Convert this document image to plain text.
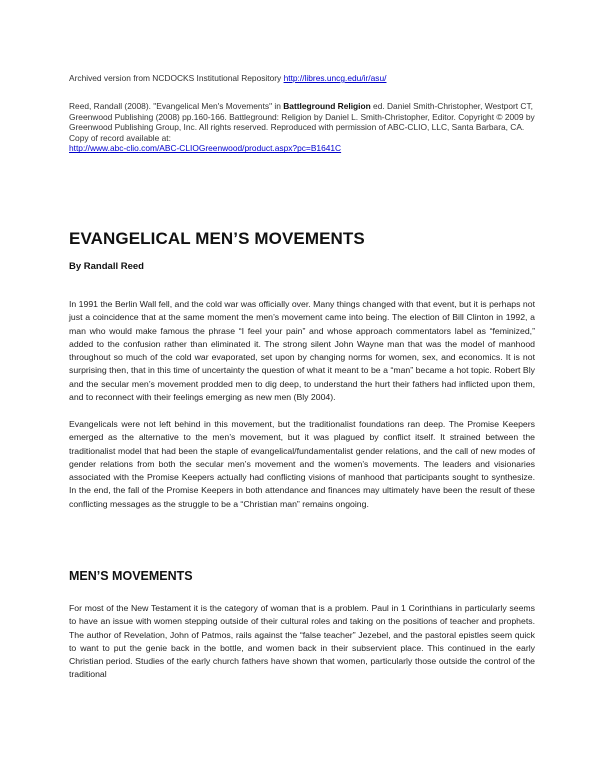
Archived version from NCDOCKS Institutional Repository http://libres.uncg.edu/ir/asu/
Reed, Randall (2008). "Evangelical Men's Movements" in Battleground Religion ed. Daniel Smith-Christopher, Westport CT, Greenwood Publishing (2008) pp.160-166. Battleground: Religion by Daniel L. Smith-Christopher, Editor. Copyright © 2009 by Greenwood Publishing Group, Inc. All rights reserved. Reproduced with permission of ABC-CLIO, LLC, Santa Barbara, CA. Copy of record available at:
http://www.abc-clio.com/ABC-CLIOGreenwood/product.aspx?pc=B1641C
EVANGELICAL MEN’S MOVEMENTS

By Randall Reed

In 1991 the Berlin Wall fell, and the cold war was officially over. Many things changed with that event, but it is perhaps not just a coincidence that at the same moment the men’s movement came into being. The election of Bill Clinton in 1992, a man who would make famous the phrase “I feel your pain” and whose approach commentators label as “feminized,” added to the confusion rather than eliminated it. The strong silent John Wayne man that was the model of manhood throughout so much of the cold war evaporated, set upon by changing norms for women, sex, and economics. It is not surprising then, that in this time of uncertainty the question of what it meant to be a “man” became a hot topic. Robert Bly and the secular men’s movement prodded men to dig deep, to understand the hurt their fathers had inflicted upon them, and to reconnect with their feelings emerging as new men (Bly 2004).

Evangelicals were not left behind in this movement, but the traditionalist foundations ran deep. The Promise Keepers emerged as the alternative to the men’s movement, but it was plagued by conflict itself. It strained between the traditionalist model that had been the staple of evangelical/fundamentalist gender relations, and the call of new modes of gender relations from both the secular men’s movement and the women’s movements. The leaders and visionaries associated with the Promise Keepers actually had conflicting visions of manhood that participants sought to synthesize. In the end, the fall of the Promise Keepers in both attendance and finances may ultimately have been the result of these conflicting messages as the struggle to be a “Christian man” remains ongoing.

MEN’S MOVEMENTS

For most of the New Testament it is the category of woman that is a problem. Paul in 1 Corinthians in particularly seems to have an issue with women stepping outside of their cultural roles and taking on the positions of teacher and prophets. The author of Revelation, John of Patmos, rails against the “false teacher” Jezebel, and the pastoral epistles seem quick to want to put the genie back in the bottle, and women back in their subservient place. This continued in the early Christian period. Studies of the early church fathers have shown that women, particularly those outside the control of the traditional
